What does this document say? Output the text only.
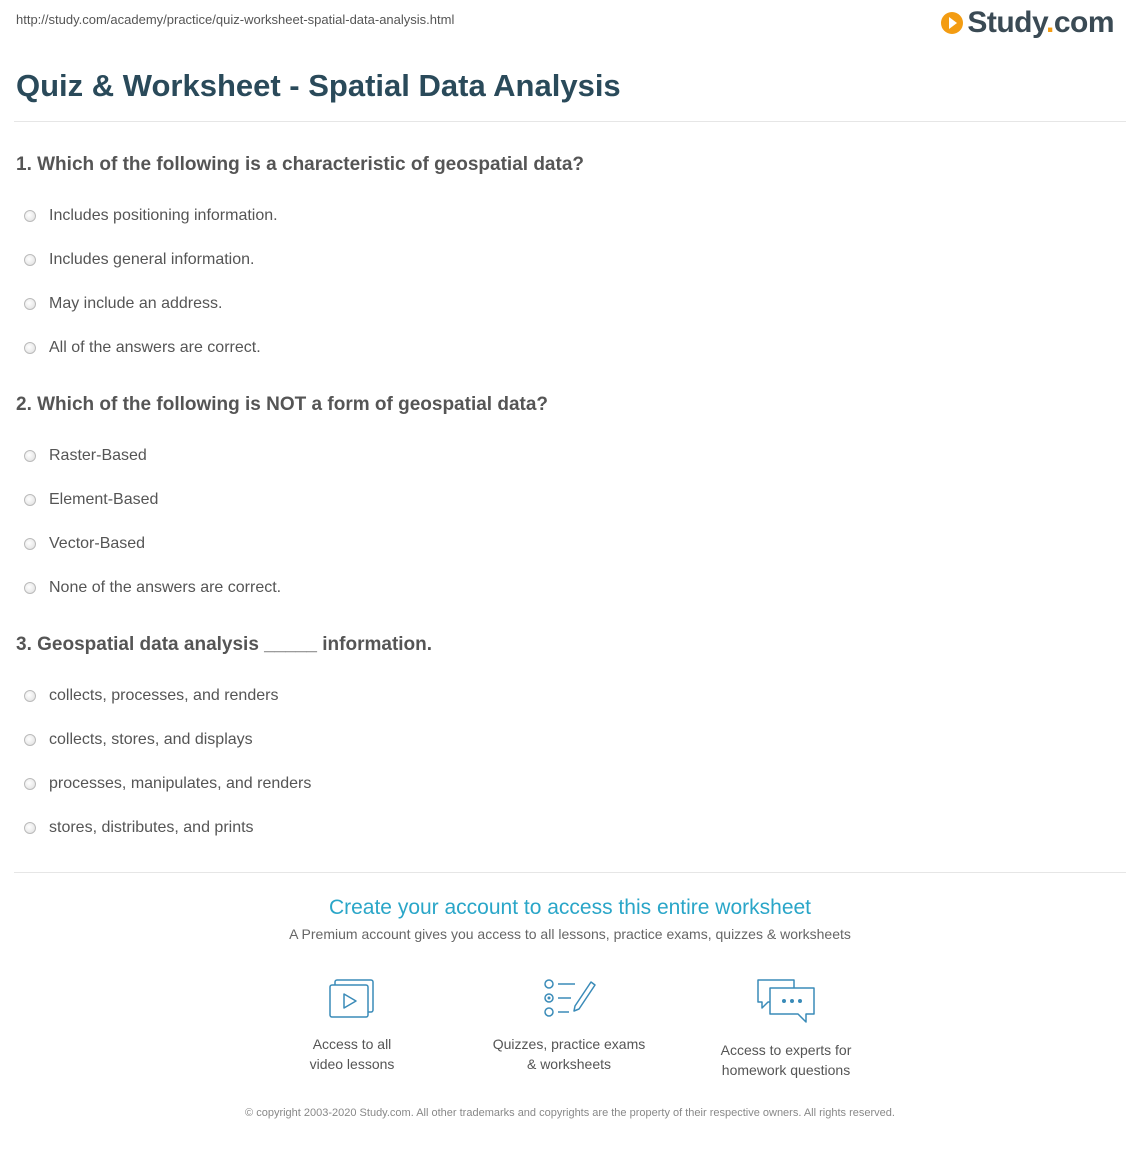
http://study.com/academy/practice/quiz-worksheet-spatial-data-analysis.html	Study.com
Quiz & Worksheet - Spatial Data Analysis

1. Which of the following is a characteristic of geospatial data?

Includes positioning information.
Includes general information.
May include an address.
All of the answers are correct.

2. Which of the following is NOT a form of geospatial data?

Raster-Based
Element-Based
Vector-Based
None of the answers are correct.

3. Geospatial data analysis _____ information.

collects, processes, and renders
collects, stores, and displays
processes, manipulates, and renders
stores, distributes, and prints
Create your account to access this entire worksheet
A Premium account gives you access to all lessons, practice exams, quizzes & worksheets
Access to all
video lessons
Quizzes, practice exams
& worksheets
Access to experts for
homework questions
© copyright 2003-2020 Study.com. All other trademarks and copyrights are the property of their respective owners. All rights reserved.
